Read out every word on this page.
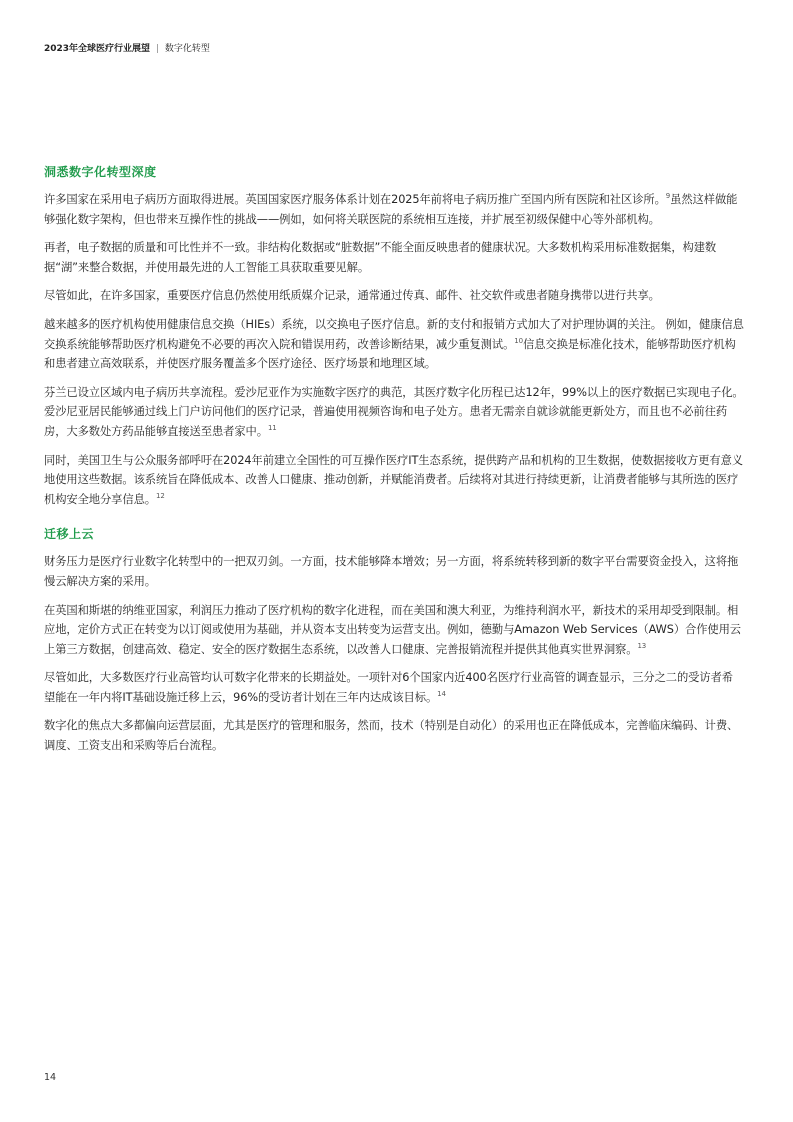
2023年全球医疗行业展望 | 数字化转型
洞悉数字化转型深度

许多国家在采用电子病历方面取得进展。英国国家医疗服务体系计划在2025年前将电子病历推广至国内所有医院和社区诊所。$^9$虽然这样做能够强化数字架构，但也带来互操作性的挑战——例如，如何将关联医院的系统相互连接，并扩展至初级保健中心等外部机构。

再者，电子数据的质量和可比性并不一致。非结构化数据或“脏数据”不能全面反映患者的健康状况。大多数机构采用标准数据集，构建数据“湖”来整合数据，并使用最先进的人工智能工具获取重要见解。

尽管如此，在许多国家，重要医疗信息仍然使用纸质媒介记录，通常通过传真、邮件、社交软件或患者随身携带以进行共享。

越来越多的医疗机构使用健康信息交换（HIEs）系统，以交换电子医疗信息。新的支付和报销方式加大了对护理协调的关注。 例如，健康信息交换系统能够帮助医疗机构避免不必要的再次入院和错误用药，改善诊断结果，减少重复测试。$^{10}$信息交换是标准化技术，能够帮助医疗机构和患者建立高效联系，并使医疗服务覆盖多个医疗途径、医疗场景和地理区域。

芬兰已设立区域内电子病历共享流程。爱沙尼亚作为实施数字医疗的典范，其医疗数字化历程已达12年，99%以上的医疗数据已实现电子化。爱沙尼亚居民能够通过线上门户访问他们的医疗记录，普遍使用视频咨询和电子处方。患者无需亲自就诊就能更新处方，而且也不必前往药房，大多数处方药品能够直接送至患者家中。$^{11}$

同时，美国卫生与公众服务部呼吁在2024年前建立全国性的可互操作医疗IT生态系统，提供跨产品和机构的卫生数据，使数据接收方更有意义地使用这些数据。该系统旨在降低成本、改善人口健康、推动创新，并赋能消费者。后续将对其进行持续更新，让消费者能够与其所选的医疗机构安全地分享信息。$^{12}$

迁移上云

财务压力是医疗行业数字化转型中的一把双刃剑。一方面，技术能够降本增效；另一方面，将系统转移到新的数字平台需要资金投入，这将拖慢云解决方案的采用。

在英国和斯堪的纳维亚国家，利润压力推动了医疗机构的数字化进程，而在美国和澳大利亚，为维持利润水平，新技术的采用却受到限制。相应地，定价方式正在转变为以订阅或使用为基础，并从资本支出转变为运营支出。例如，德勤与Amazon Web Services（AWS）合作使用云上第三方数据，创建高效、稳定、安全的医疗数据生态系统，以改善人口健康、完善报销流程并提供其他真实世界洞察。$^{13}$

尽管如此，大多数医疗行业高管均认可数字化带来的长期益处。一项针对6个国家内近400名医疗行业高管的调查显示，三分之二的受访者希望能在一年内将IT基础设施迁移上云，96%的受访者计划在三年内达成该目标。$^{14}$

数字化的焦点大多都偏向运营层面，尤其是医疗的管理和服务，然而，技术（特别是自动化）的采用也正在降低成本，完善临床编码、计费、调度、工资支出和采购等后台流程。

14
